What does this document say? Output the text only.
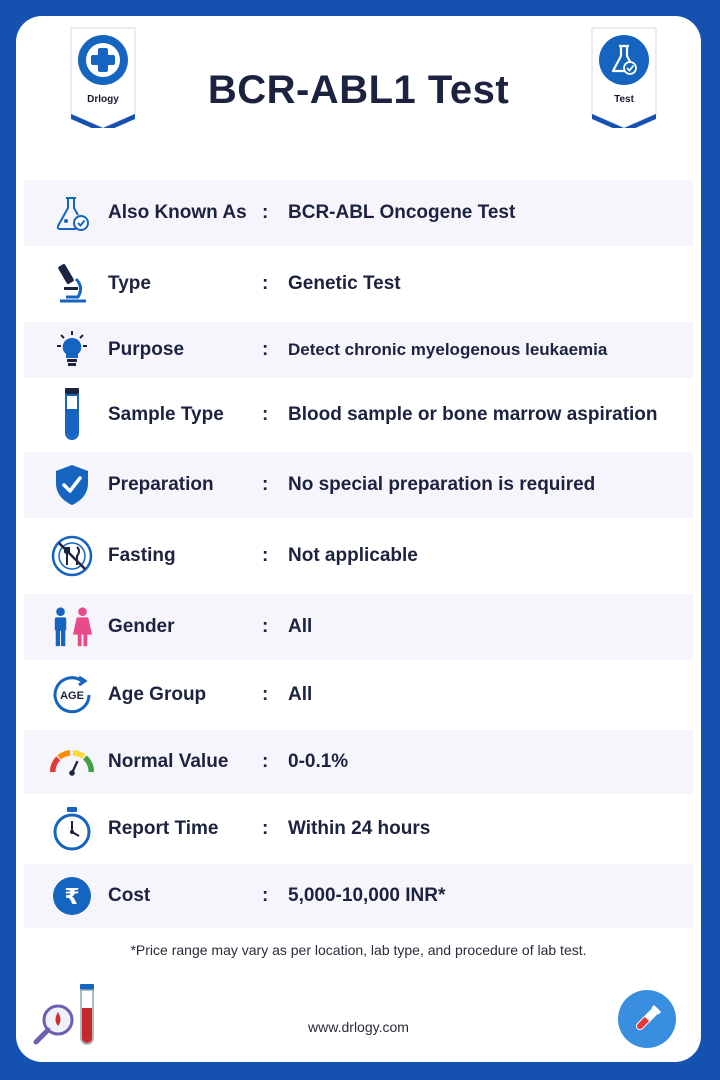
Drlogy	BCR-ABL1 Test	Test
Also Known As : BCR-ABL Oncogene Test
Type	: Genetic Test
Purpose	: Detect chronic myelogenous leukaemia
Sample Type : Blood sample or bone marrow aspiration
Preparation	: No special preparation is required
Fasting	: Not applicable
Gender	: All
AGE Age Group	: All
Normal Value : 0-0.1%
Report Time : Within 24 hours
₹ Cost	: 5,000-10,000 INR*
*Price range may vary as per location, lab type, and procedure of lab test.
www.drlogy.com
